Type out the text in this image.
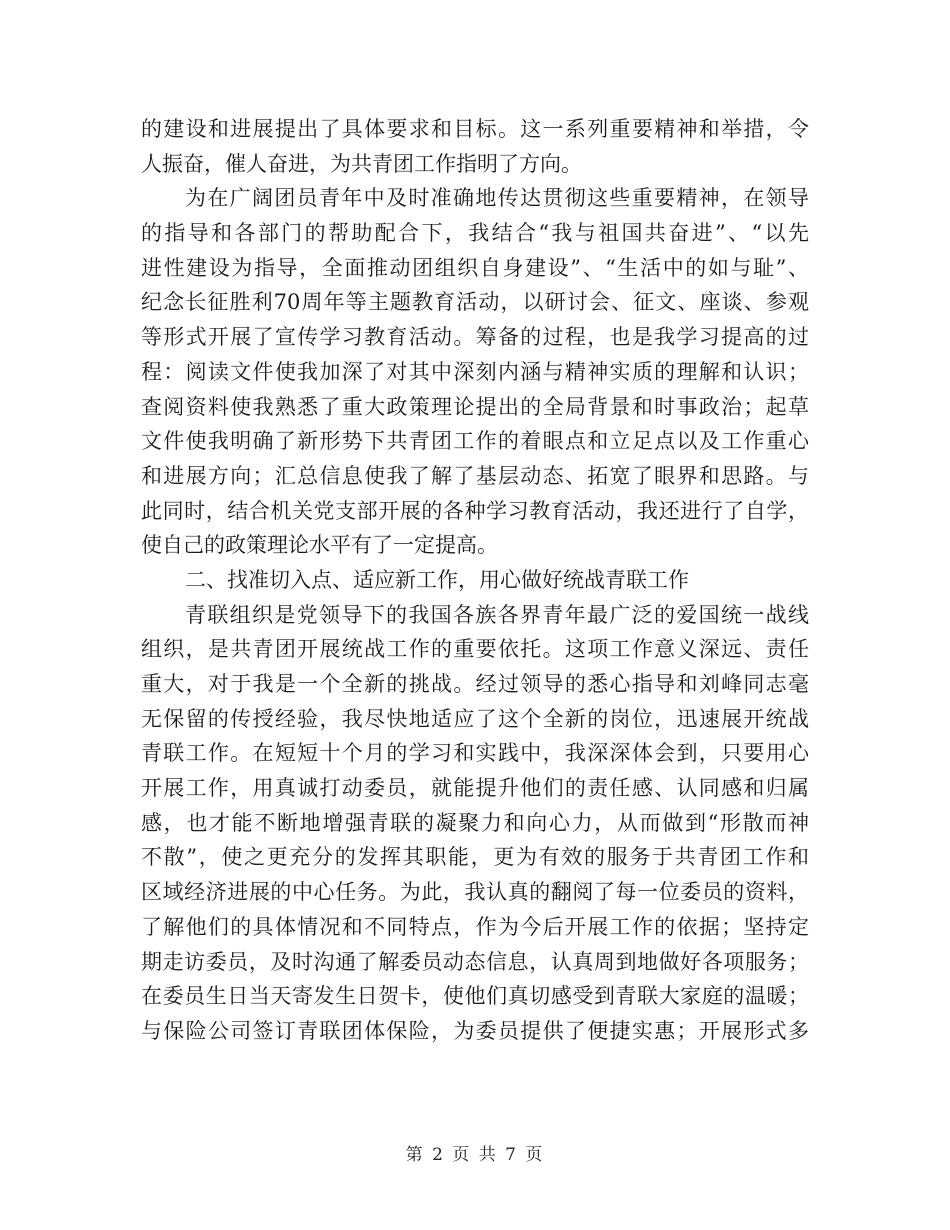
的建设和进展提出了具体要求和目标。这一系列重要精神和举措，令
人振奋，催人奋进，为共青团工作指明了方向。
为在广阔团员青年中及时准确地传达贯彻这些重要精神，在领导
的指导和各部门的帮助配合下，我结合“我与祖国共奋进”、“以先
进性建设为指导，全面推动团组织自身建设”、“生活中的如与耻”、
纪念长征胜利70周年等主题教育活动，以研讨会、征文、座谈、参观
等形式开展了宣传学习教育活动。筹备的过程，也是我学习提高的过
程：阅读文件使我加深了对其中深刻内涵与精神实质的理解和认识；
查阅资料使我熟悉了重大政策理论提出的全局背景和时事政治；起草
文件使我明确了新形势下共青团工作的着眼点和立足点以及工作重心
和进展方向；汇总信息使我了解了基层动态、拓宽了眼界和思路。与
此同时，结合机关党支部开展的各种学习教育活动，我还进行了自学，
使自己的政策理论水平有了一定提高。
二、找准切入点、适应新工作，用心做好统战青联工作
青联组织是党领导下的我国各族各界青年最广泛的爱国统一战线
组织，是共青团开展统战工作的重要依托。这项工作意义深远、责任
重大，对于我是一个全新的挑战。经过领导的悉心指导和刘峰同志毫
无保留的传授经验，我尽快地适应了这个全新的岗位，迅速展开统战
青联工作。在短短十个月的学习和实践中，我深深体会到，只要用心
开展工作，用真诚打动委员，就能提升他们的责任感、认同感和归属
感，也才能不断地增强青联的凝聚力和向心力，从而做到“形散而神
不散”，使之更充分的发挥其职能，更为有效的服务于共青团工作和
区域经济进展的中心任务。为此，我认真的翻阅了每一位委员的资料，
了解他们的具体情况和不同特点，作为今后开展工作的依据；坚持定
期走访委员，及时沟通了解委员动态信息，认真周到地做好各项服务；
在委员生日当天寄发生日贺卡，使他们真切感受到青联大家庭的温暖；
与保险公司签订青联团体保险，为委员提供了便捷实惠；开展形式多
第 2 页 共 7 页
